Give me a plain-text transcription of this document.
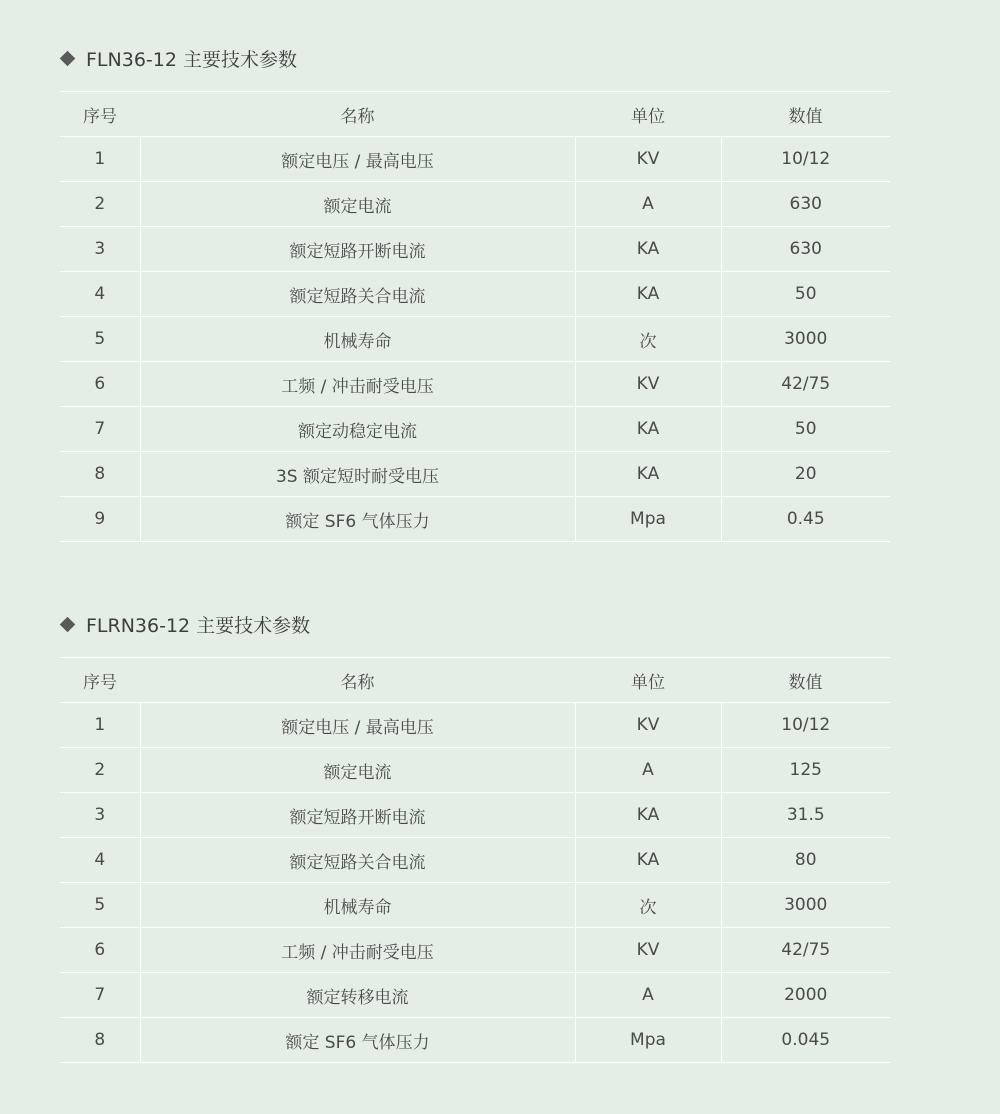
FLN36-12 主要技术参数
序号	名称	单位	数值
1	额定电压 / 最高电压	KV	10/12
2	额定电流	A	630
3	额定短路开断电流	KA	630
4	额定短路关合电流	KA	50
5	机械寿命	次	3000
6	工频 / 冲击耐受电压	KV	42/75
7	额定动稳定电流	KA	50
8	3S 额定短时耐受电压	KA	20
9	额定 SF6 气体压力	Mpa	0.45
FLRN36-12 主要技术参数
序号	名称	单位	数值
1	额定电压 / 最高电压	KV	10/12
2	额定电流	A	125
3	额定短路开断电流	KA	31.5
4	额定短路关合电流	KA	80
5	机械寿命	次	3000
6	工频 / 冲击耐受电压	KV	42/75
7	额定转移电流	A	2000
8	额定 SF6 气体压力	Mpa	0.045
